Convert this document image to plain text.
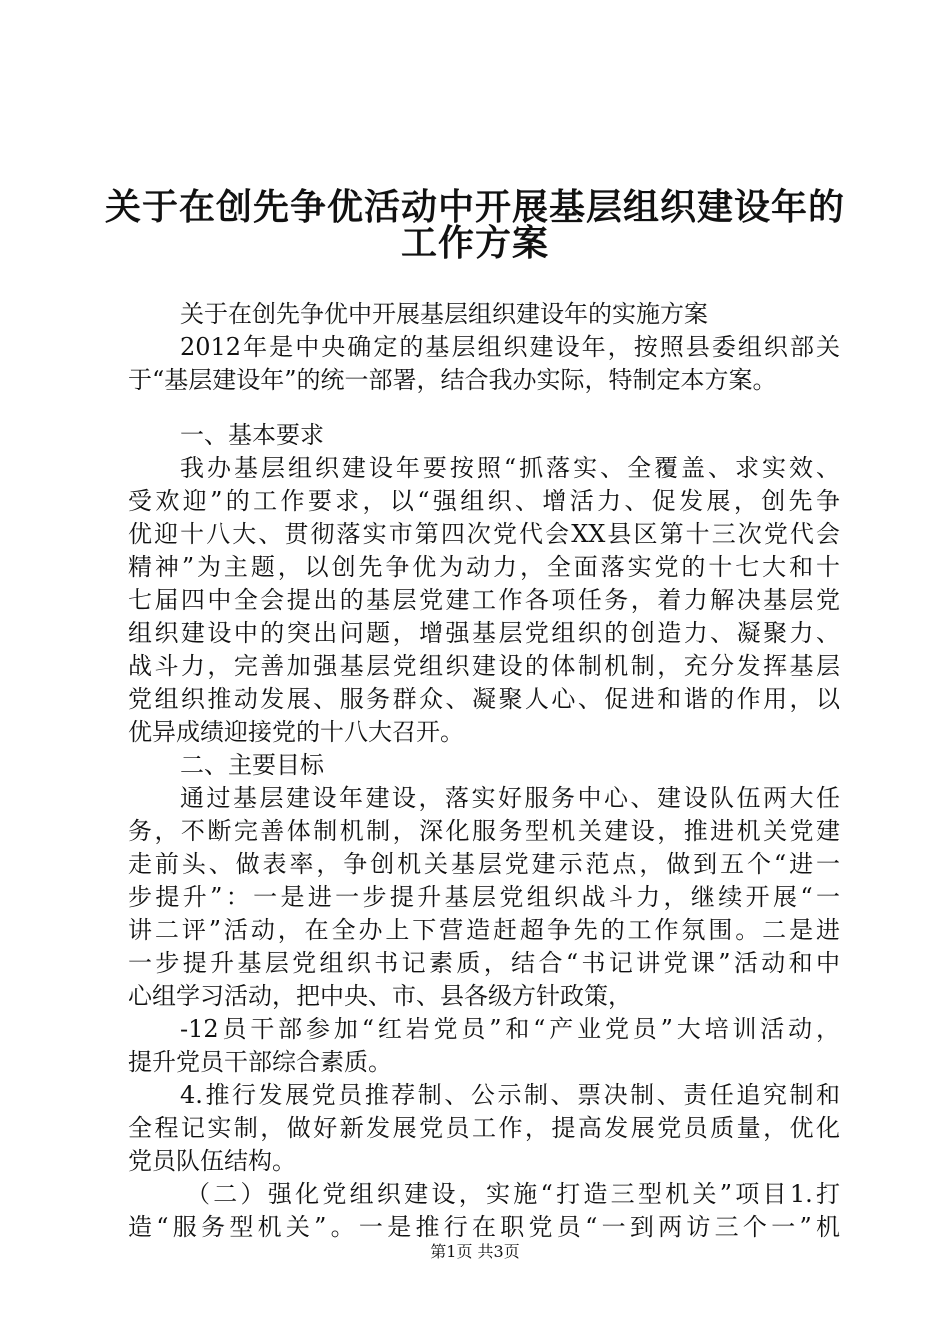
关于在创先争优活动中开展基层组织建设年的
工作方案
关于在创先争优中开展基层组织建设年的实施方案
2012年是中央确定的基层组织建设年，按照县委组织部关
于“基层建设年”的统一部署，结合我办实际，特制定本方案。
一、基本要求
我办基层组织建设年要按照“抓落实、全覆盖、求实效、
受欢迎”的工作要求，以“强组织、增活力、促发展，创先争
优迎十八大、贯彻落实市第四次党代会XX县区第十三次党代会
精神”为主题，以创先争优为动力，全面落实党的十七大和十
七届四中全会提出的基层党建工作各项任务，着力解决基层党
组织建设中的突出问题，增强基层党组织的创造力、凝聚力、
战斗力，完善加强基层党组织建设的体制机制，充分发挥基层
党组织推动发展、服务群众、凝聚人心、促进和谐的作用，以
优异成绩迎接党的十八大召开。
二、主要目标
通过基层建设年建设，落实好服务中心、建设队伍两大任
务，不断完善体制机制，深化服务型机关建设，推进机关党建
走前头、做表率，争创机关基层党建示范点，做到五个“进一
步提升”：一是进一步提升基层党组织战斗力，继续开展“一
讲二评”活动，在全办上下营造赶超争先的工作氛围。二是进
一步提升基层党组织书记素质，结合“书记讲党课”活动和中
心组学习活动，把中央、市、县各级方针政策，
-12员干部参加“红岩党员”和“产业党员”大培训活动，
提升党员干部综合素质。
4.推行发展党员推荐制、公示制、票决制、责任追究制和
全程记实制，做好新发展党员工作，提高发展党员质量，优化
党员队伍结构。
（二）强化党组织建设，实施“打造三型机关”项目1.打
造“服务型机关”。一是推行在职党员“一到两访三个一”机
第1页 共3页
